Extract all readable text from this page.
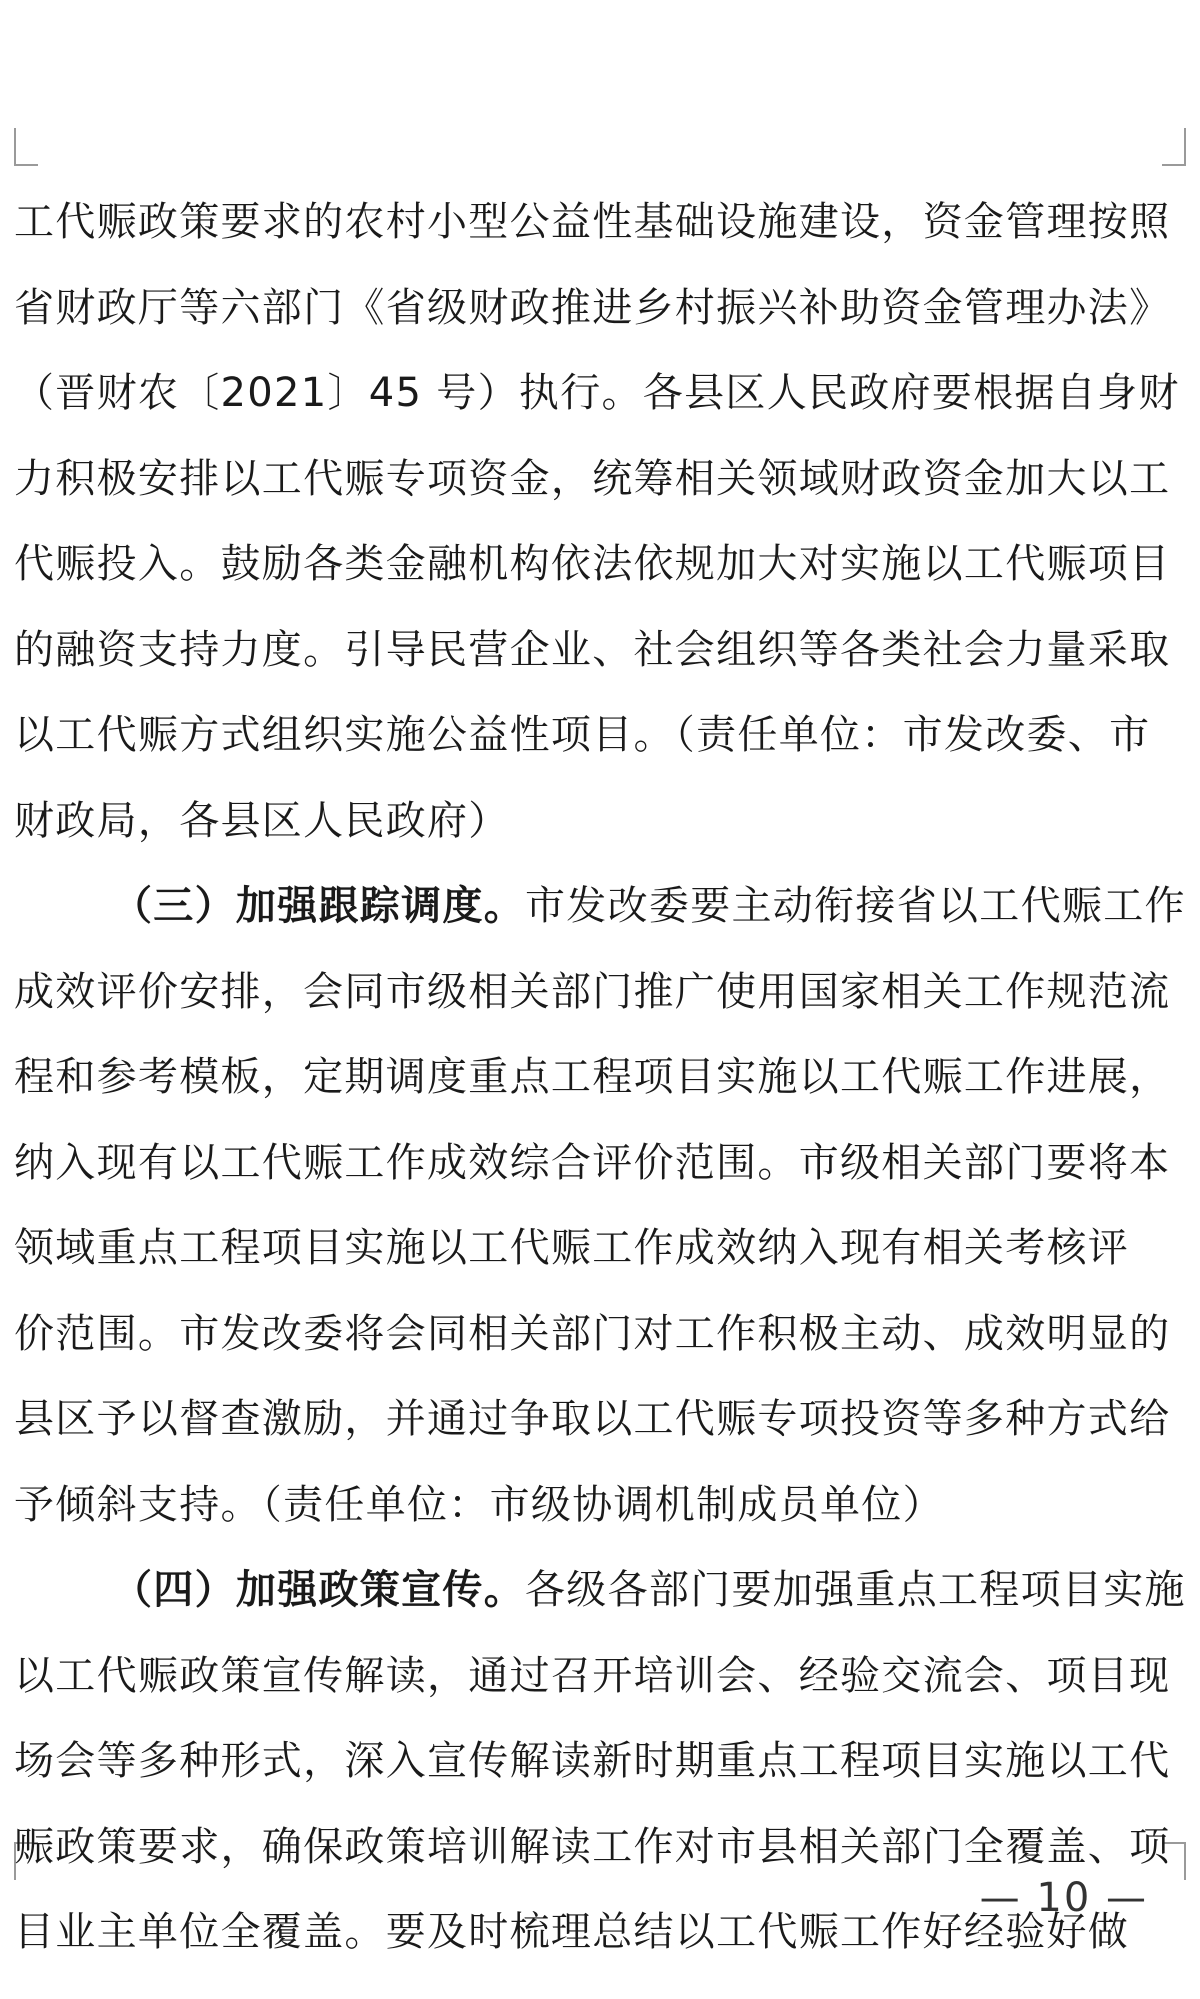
工代赈政策要求的农村小型公益性基础设施建设，资金管理按照
省财政厅等六部门《省级财政推进乡村振兴补助资金管理办法》
（晋财农〔2021〕45 号）执行。各县区人民政府要根据自身财
力积极安排以工代赈专项资金，统筹相关领域财政资金加大以工
代赈投入。鼓励各类金融机构依法依规加大对实施以工代赈项目
的融资支持力度。引导民营企业、社会组织等各类社会力量采取
以工代赈方式组织实施公益性项目。（责任单位：市发改委、市
财政局，各县区人民政府）
（三）加强跟踪调度。市发改委要主动衔接省以工代赈工作
成效评价安排，会同市级相关部门推广使用国家相关工作规范流
程和参考模板，定期调度重点工程项目实施以工代赈工作进展，
纳入现有以工代赈工作成效综合评价范围。市级相关部门要将本
领域重点工程项目实施以工代赈工作成效纳入现有相关考核评
价范围。市发改委将会同相关部门对工作积极主动、成效明显的
县区予以督查激励，并通过争取以工代赈专项投资等多种方式给
予倾斜支持。（责任单位：市级协调机制成员单位）
（四）加强政策宣传。各级各部门要加强重点工程项目实施
以工代赈政策宣传解读，通过召开培训会、经验交流会、项目现
场会等多种形式，深入宣传解读新时期重点工程项目实施以工代
赈政策要求，确保政策培训解读工作对市县相关部门全覆盖、项
目业主单位全覆盖。要及时梳理总结以工代赈工作好经验好做
— 10 —
